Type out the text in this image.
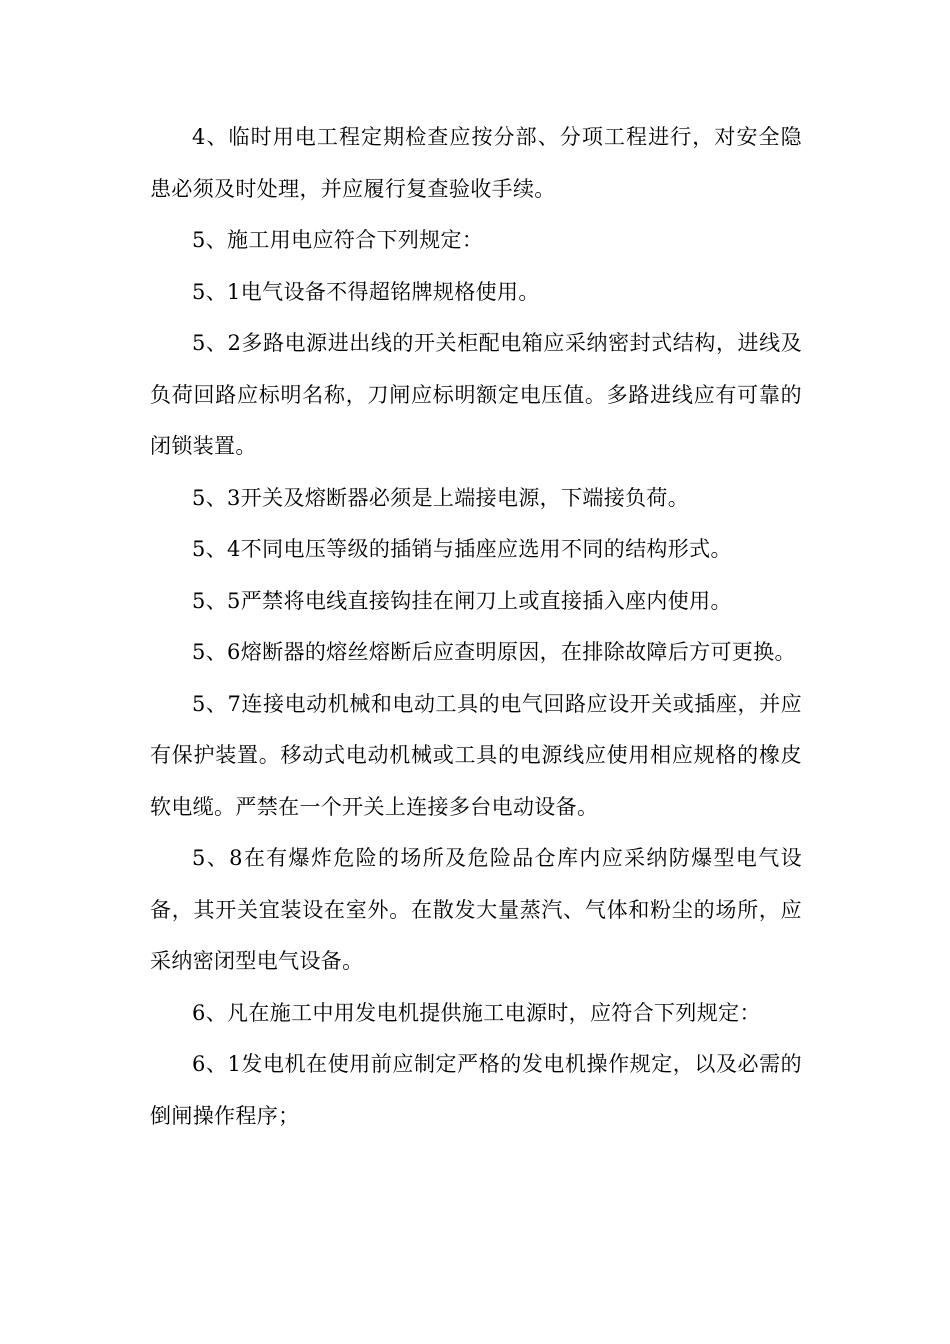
4、临时用电工程定期检查应按分部、分项工程进行，对安全隐患必须及时处理，并应履行复查验收手续。

5、施工用电应符合下列规定：

5、1电气设备不得超铭牌规格使用。

5、2多路电源进出线的开关柜配电箱应采纳密封式结构，进线及负荷回路应标明名称，刀闸应标明额定电压值。多路进线应有可靠的闭锁装置。

5、3开关及熔断器必须是上端接电源，下端接负荷。

5、4不同电压等级的插销与插座应选用不同的结构形式。

5、5严禁将电线直接钩挂在闸刀上或直接插入座内使用。

5、6熔断器的熔丝熔断后应查明原因，在排除故障后方可更换。

5、7连接电动机械和电动工具的电气回路应设开关或插座，并应有保护装置。移动式电动机械或工具的电源线应使用相应规格的橡皮软电缆。严禁在一个开关上连接多台电动设备。

5、8在有爆炸危险的场所及危险品仓库内应采纳防爆型电气设备，其开关宜装设在室外。在散发大量蒸汽、气体和粉尘的场所，应采纳密闭型电气设备。

6、凡在施工中用发电机提供施工电源时，应符合下列规定：

6、1发电机在使用前应制定严格的发电机操作规定，以及必需的倒闸操作程序；
